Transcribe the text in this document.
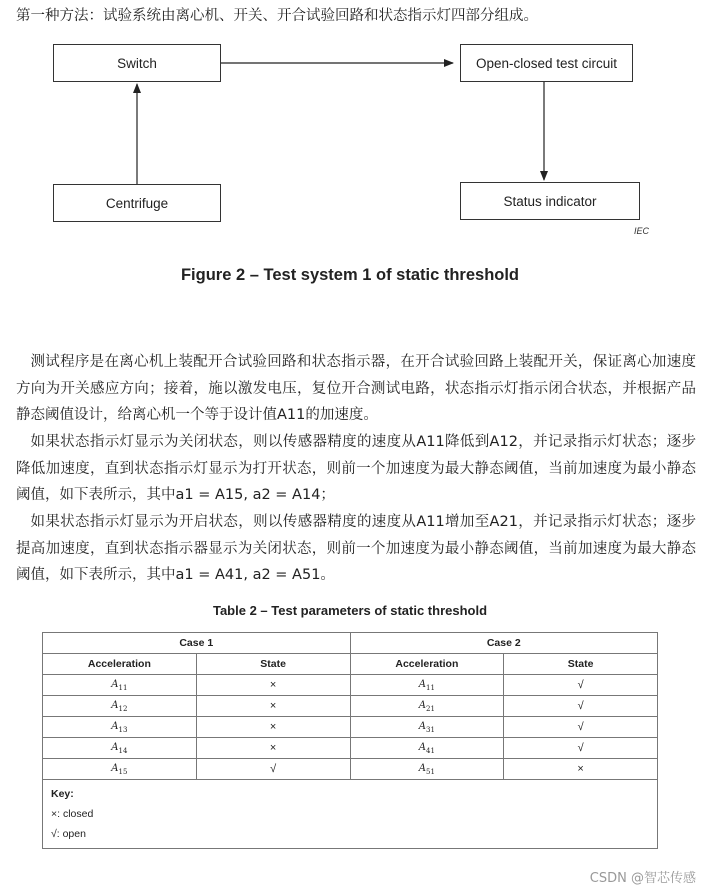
第一种方法：试验系统由离心机、开关、开合试验回路和状态指示灯四部分组成。
Switch	Open-closed test circuit
Centrifuge	Status indicator
IEC
Figure 2 – Test system 1 of static threshold

测试程序是在离心机上装配开合试验回路和状态指示器，在开合试验回路上装配开关，保证离心加速度方向为开关感应方向；接着，施以激发电压，复位开合测试电路，状态指示灯指示闭合状态，并根据产品静态阈值设计，给离心机一个等于设计值A11的加速度。

如果状态指示灯显示为关闭状态，则以传感器精度的速度从A11降低到A12，并记录指示灯状态；逐步降低加速度，直到状态指示灯显示为打开状态，则前一个加速度为最大静态阈值，当前加速度为最小静态阈值，如下表所示，其中a1 = A15, a2 = A14；

如果状态指示灯显示为开启状态，则以传感器精度的速度从A11增加至A21，并记录指示灯状态；逐步提高加速度，直到状态指示器显示为关闭状态，则前一个加速度为最小静态阈值，当前加速度为最大静态阈值，如下表所示，其中a1 = A41, a2 = A51。

Table 2 – Test parameters of static threshold
Case 1		Case 2	
Acceleration	State	Acceleration	State
$A_{11}$	×	$A_{11}$	√
$A_{12}$	×	$A_{21}$	√
$A_{13}$	×	$A_{31}$	√
$A_{14}$	×	$A_{41}$	√
$A_{15}$	√	$A_{51}$	×

Key:
×: closed
√: open			
CSDN @智芯传感
